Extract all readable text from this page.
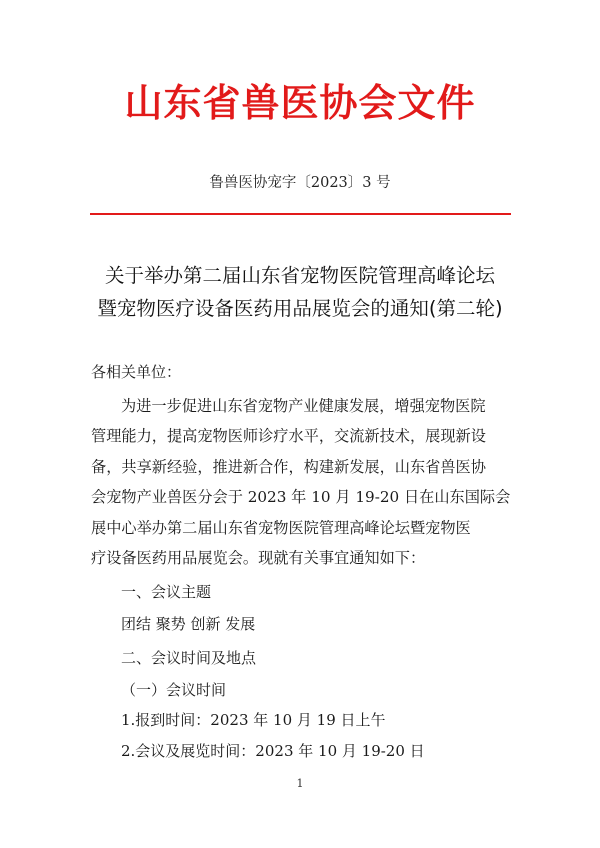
山东省兽医协会文件
鲁兽医协宠字〔2023〕3 号
关于举办第二届山东省宠物医院管理高峰论坛
暨宠物医疗设备医药用品展览会的通知(第二轮)
各相关单位：
为进一步促进山东省宠物产业健康发展，增强宠物医院
管理能力，提高宠物医师诊疗水平，交流新技术，展现新设
备，共享新经验，推进新合作，构建新发展，山东省兽医协
会宠物产业兽医分会于 2023 年 10 月 19-20 日在山东国际会
展中心举办第二届山东省宠物医院管理高峰论坛暨宠物医
疗设备医药用品展览会。现就有关事宜通知如下：
一、会议主题
团结 聚势 创新 发展
二、会议时间及地点
（一）会议时间
1.报到时间：2023 年 10 月 19 日上午
2.会议及展览时间：2023 年 10 月 19-20 日
1
